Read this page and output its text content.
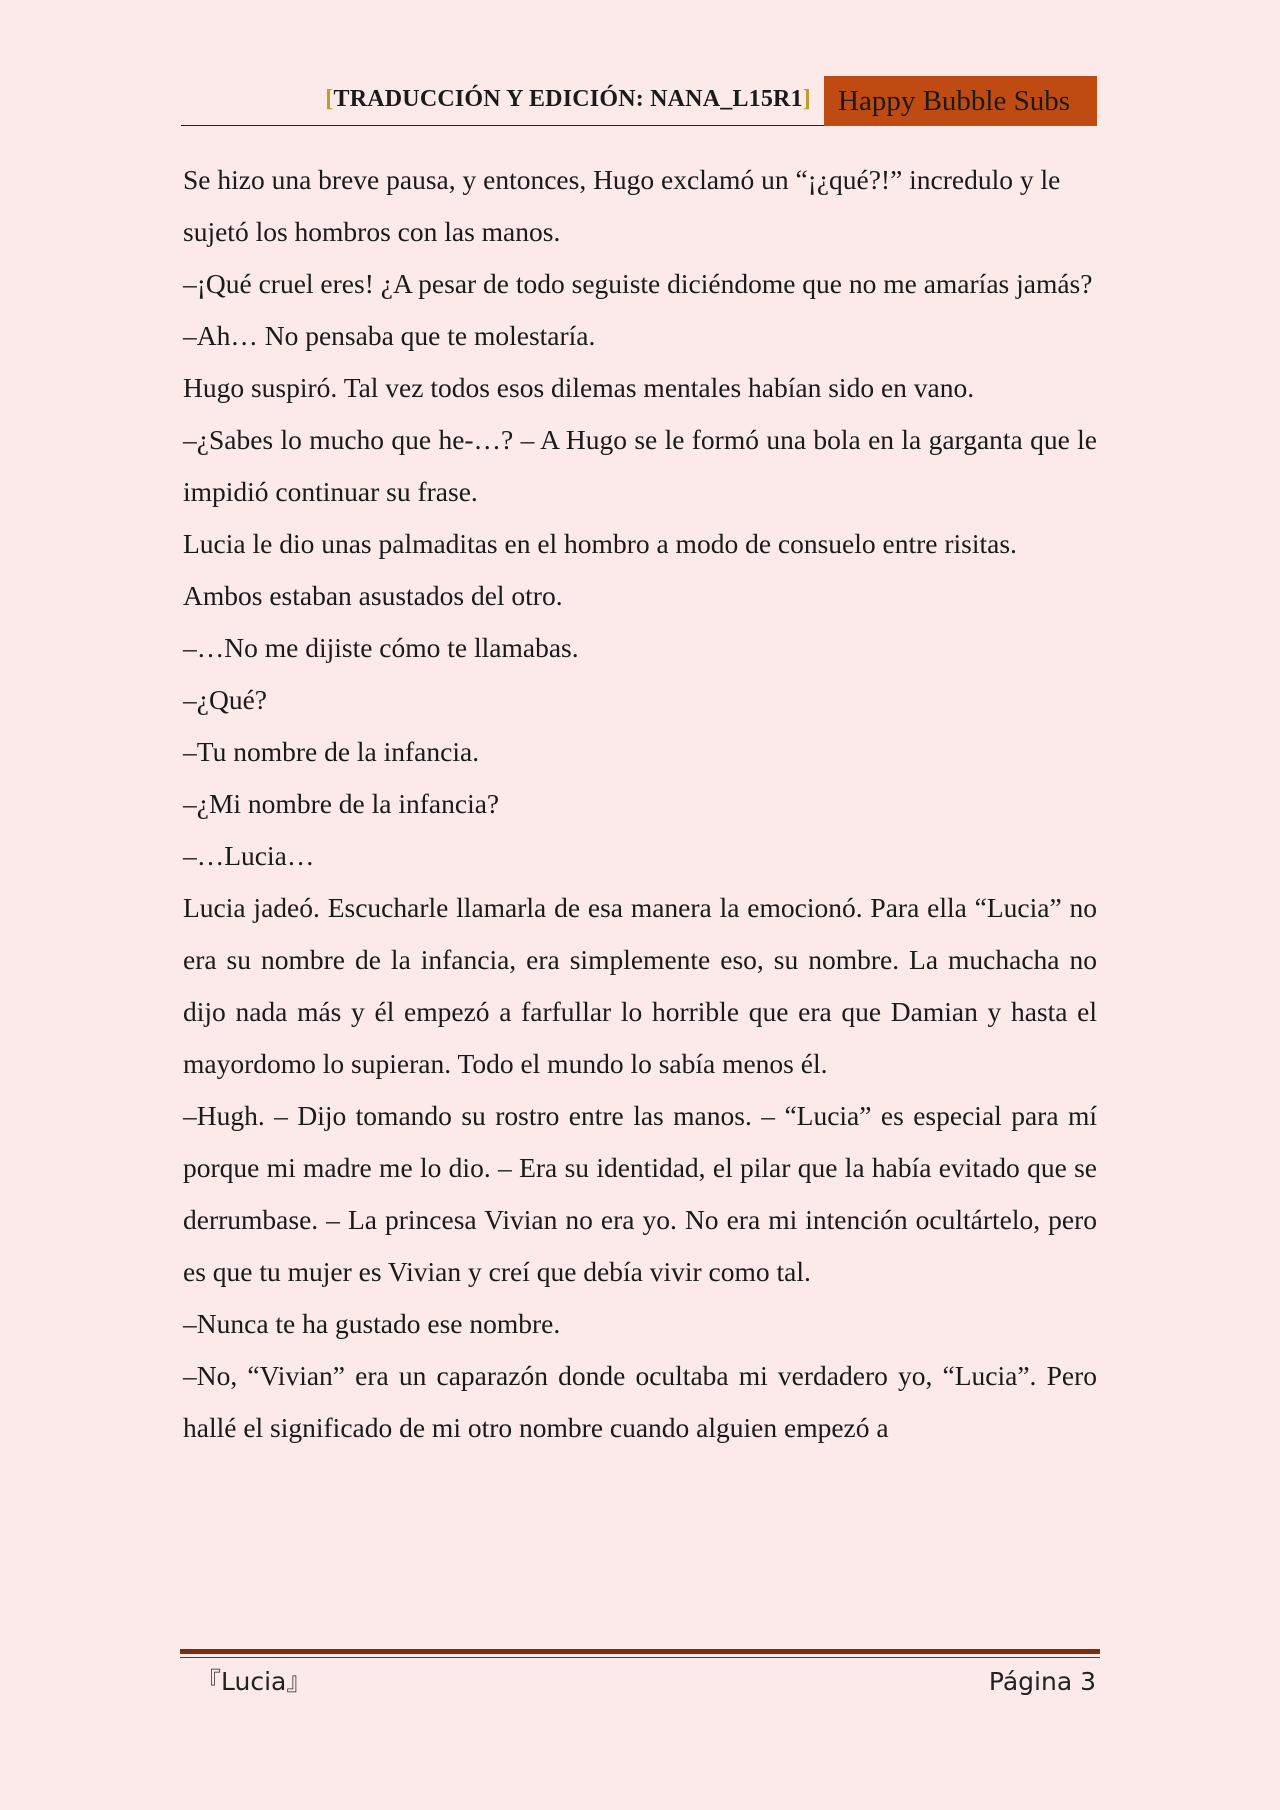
[TRADUCCIÓN Y EDICIÓN: NANA_L15R1] Happy Bubble Subs

Se hizo una breve pausa, y entonces, Hugo exclamó un “¡¿qué?!” incredulo y le sujetó los hombros con las manos.

–¡Qué cruel eres! ¿A pesar de todo seguiste diciéndome que no me amarías jamás?

–Ah… No pensaba que te molestaría.

Hugo suspiró. Tal vez todos esos dilemas mentales habían sido en vano.

–¿Sabes lo mucho que he-…? – A Hugo se le formó una bola en la garganta que le impidió continuar su frase.

Lucia le dio unas palmaditas en el hombro a modo de consuelo entre risitas. Ambos estaban asustados del otro.

–…No me dijiste cómo te llamabas.

–¿Qué?

–Tu nombre de la infancia.

–¿Mi nombre de la infancia?

–…Lucia…

Lucia jadeó. Escucharle llamarla de esa manera la emocionó. Para ella “Lucia” no era su nombre de la infancia, era simplemente eso, su nombre. La muchacha no dijo nada más y él empezó a farfullar lo horrible que era que Damian y hasta el mayordomo lo supieran. Todo el mundo lo sabía menos él.

–Hugh. – Dijo tomando su rostro entre las manos. – “Lucia” es especial para mí porque mi madre me lo dio. – Era su identidad, el pilar que la había evitado que se derrumbase. – La princesa Vivian no era yo. No era mi intención ocultártelo, pero es que tu mujer es Vivian y creí que debía vivir como tal.

–Nunca te ha gustado ese nombre.

–No, “Vivian” era un caparazón donde ocultaba mi verdadero yo, “Lucia”. Pero hallé el significado de mi otro nombre cuando alguien empezó a

『Lucia』	Página 3
